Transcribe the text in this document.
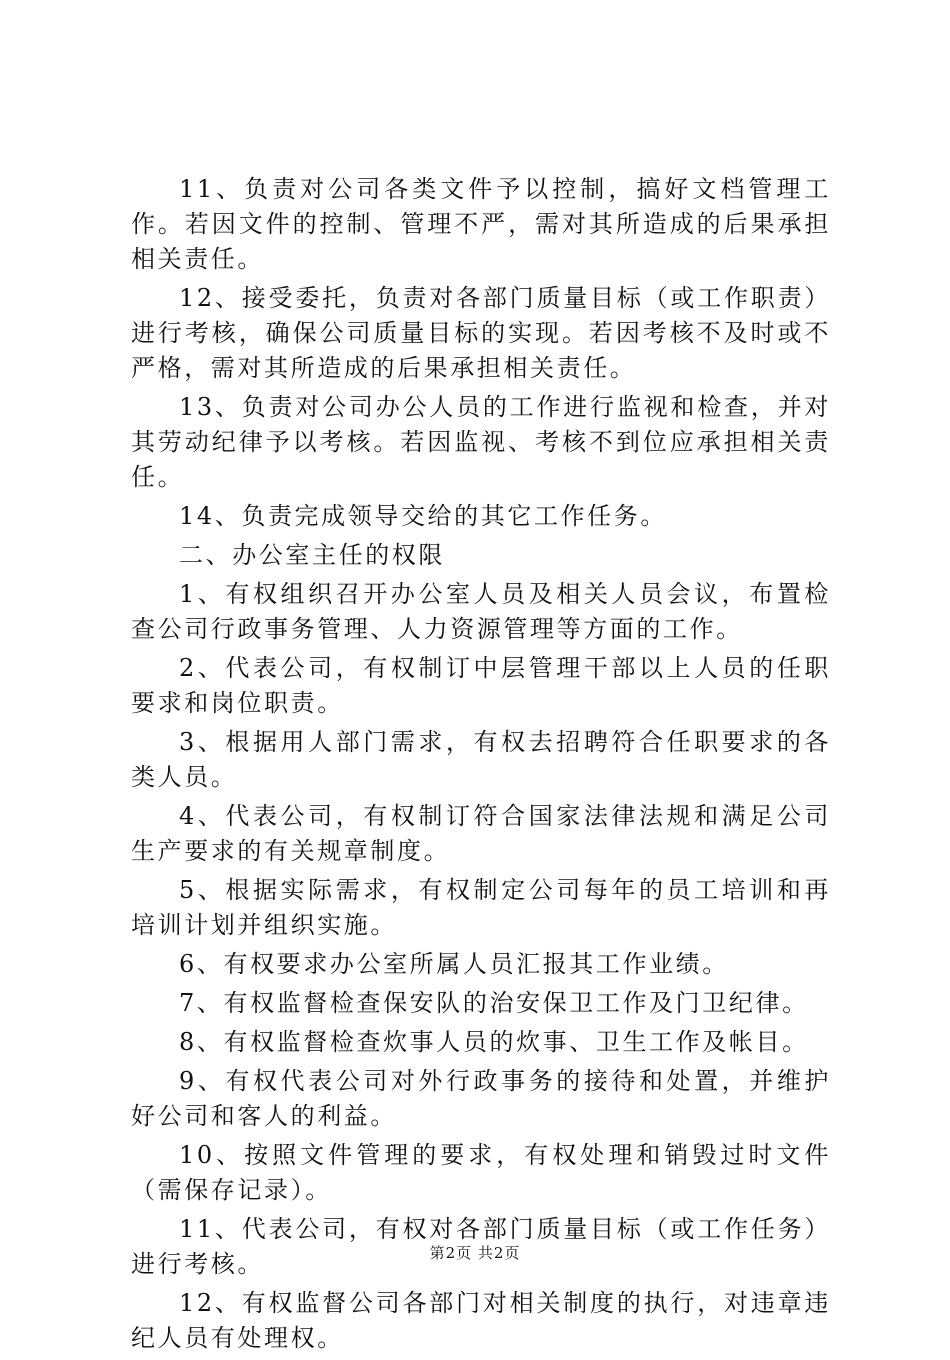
11、负责对公司各类文件予以控制，搞好文档管理工作。若因文件的控制、管理不严，需对其所造成的后果承担相关责任。

12、接受委托，负责对各部门质量目标（或工作职责）进行考核，确保公司质量目标的实现。若因考核不及时或不严格，需对其所造成的后果承担相关责任。

13、负责对公司办公人员的工作进行监视和检查，并对其劳动纪律予以考核。若因监视、考核不到位应承担相关责任。

14、负责完成领导交给的其它工作任务。

二、办公室主任的权限

1、有权组织召开办公室人员及相关人员会议，布置检查公司行政事务管理、人力资源管理等方面的工作。

2、代表公司，有权制订中层管理干部以上人员的任职要求和岗位职责。

3、根据用人部门需求，有权去招聘符合任职要求的各类人员。

4、代表公司，有权制订符合国家法律法规和满足公司生产要求的有关规章制度。

5、根据实际需求，有权制定公司每年的员工培训和再培训计划并组织实施。

6、有权要求办公室所属人员汇报其工作业绩。

7、有权监督检查保安队的治安保卫工作及门卫纪律。

8、有权监督检查炊事人员的炊事、卫生工作及帐目。

9、有权代表公司对外行政事务的接待和处置，并维护好公司和客人的利益。

10、按照文件管理的要求，有权处理和销毁过时文件（需保存记录）。

11、代表公司，有权对各部门质量目标（或工作任务）进行考核。

12、有权监督公司各部门对相关制度的执行，对违章违纪人员有处理权。

第2页 共2页
